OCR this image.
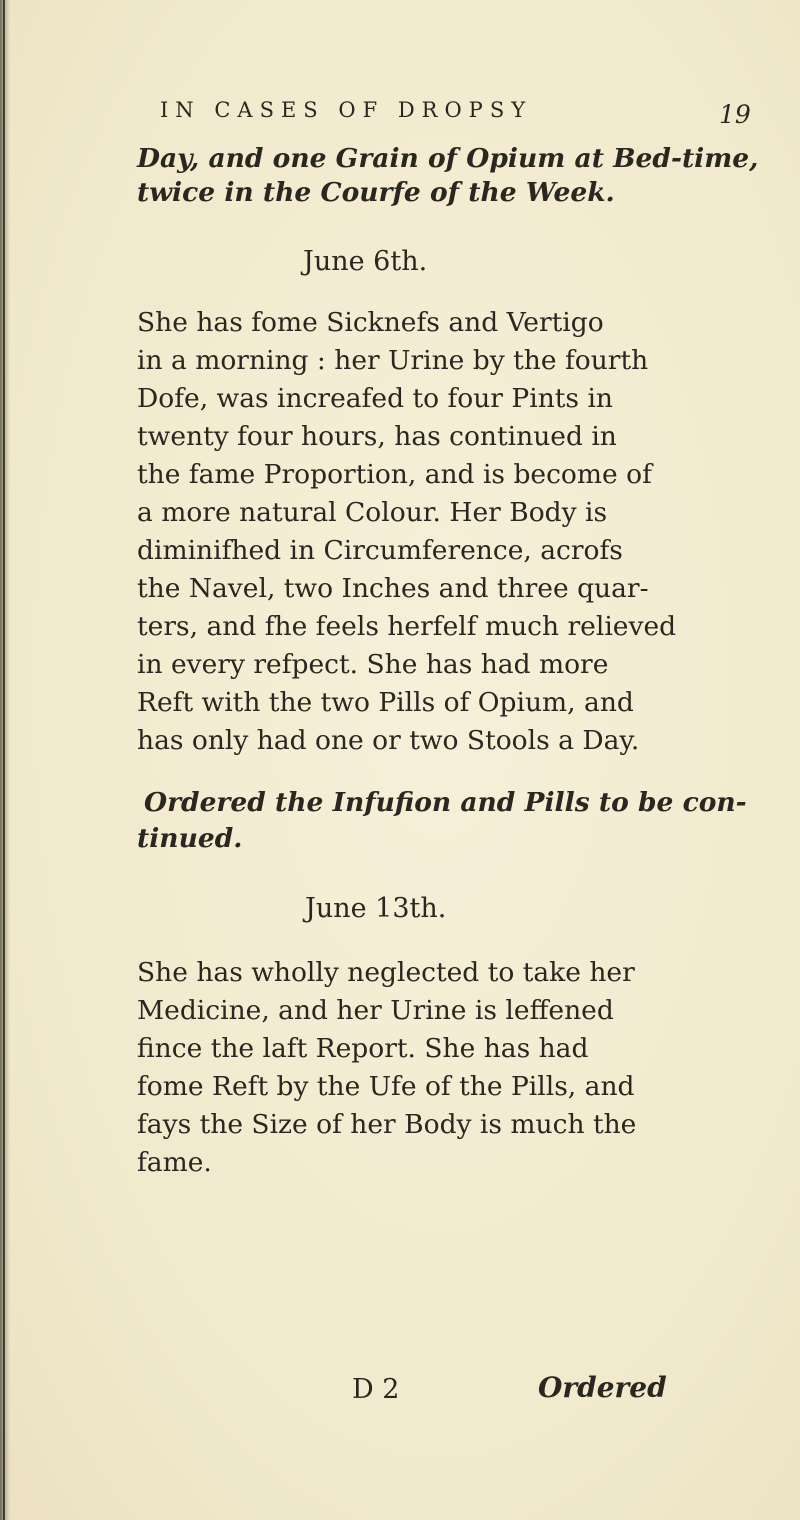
IN CASES OF DROPSY	19
Day, and one Grain of Opium at Bed-time,
twice in the Courfe of the Week.
June 6th.
She has fome Sicknefs and Vertigo
in a morning : her Urine by the fourth
Dofe, was increafed to four Pints in
twenty four hours, has continued in
the fame Proportion, and is become of
a more natural Colour. Her Body is
diminifhed in Circumference, acrofs
the Navel, two Inches and three quar-
ters, and fhe feels herfelf much relieved
in every refpect. She has had more
Reft with the two Pills of Opium, and
has only had one or two Stools a Day.
Ordered the Infufion and Pills to be con-
tinued.
June 13th.
She has wholly neglected to take her
Medicine, and her Urine is leffened
fince the laft Report. She has had
fome Reft by the Ufe of the Pills, and
fays the Size of her Body is much the
fame.
D 2	Ordered
